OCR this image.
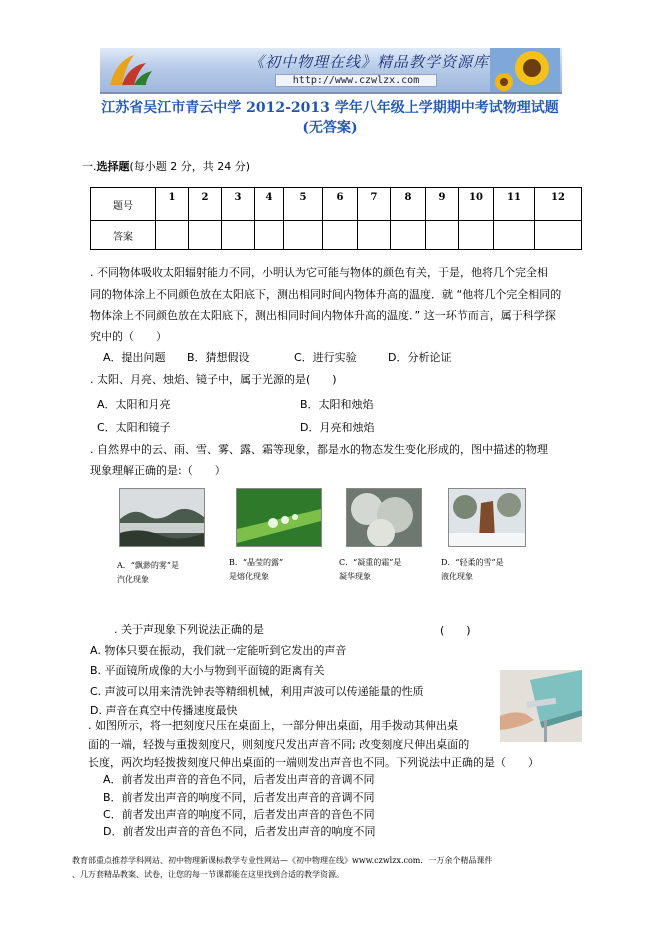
《初中物理在线》精品教学资源库
http://www.czwlzx.com
江苏省吴江市青云中学 2012-2013 学年八年级上学期期中考试物理试题
(无答案)
一.选择题(每小题 2 分，共 24 分)
题号	1	2	3	4	5	6	7	8	9	10	11	12
答案												
. 不同物体吸收太阳辐射能力不同，小明认为它可能与物体的颜色有关，于是，他将几个完全相
同的物体涂上不同颜色放在太阳底下，测出相同时间内物体升高的温度．就 “他将几个完全相同的
物体涂上不同颜色放在太阳底下，测出相同时间内物体升高的温度．” 这一环节而言，属于科学探
究中的（　　）
A．提出问题 B．猜想假设	C．进行实验	D．分析论证
. 太阳、月亮、烛焰、镜子中，属于光源的是(　　)
A．太阳和月亮	B．太阳和烛焰
C．太阳和镜子	D．月亮和烛焰
. 自然界中的云、雨、雪、雾、露、霜等现象，都是水的物态发生变化形成的，图中描述的物理
现象理解正确的是:（　　）
A．“飘渺的雾”是
汽化现象
B．“晶莹的露”
是熔化现象
C．“凝重的霜”是
凝华现象
D．“轻柔的雪”是
液化现象
. 关于声现象下列说法正确的是	(　　)
A. 物体只要在振动，我们就一定能听到它发出的声音
B. 平面镜所成像的大小与物到平面镜的距离有关
C. 声波可以用来清洗钟表等精细机械，利用声波可以传递能量的性质
D. 声音在真空中传播速度最快
. 如图所示，将一把刻度尺压在桌面上，一部分伸出桌面，用手拨动其伸出桌
面的一端，轻拨与重拨刻度尺，则刻度尺发出声音不同; 改变刻度尺伸出桌面的
长度，两次均轻拨拨刻度尺伸出桌面的一端则发出声音也不同。下列说法中正确的是（　　）
A．前者发出声音的音色不同，后者发出声音的音调不同
B．前者发出声音的响度不同，后者发出声音的音调不同
C．前者发出声音的响度不同，后者发出声音的音色不同
D．前者发出声音的音色不同，后者发出声音的响度不同
教育部重点推荐学科网站、初中物理新课标教学专业性网站—《初中物理在线》www.czwlzx.com．一万余个精品课件
、几万套精品教案、试卷，让您的每一节课都能在这里找到合适的教学资源。
